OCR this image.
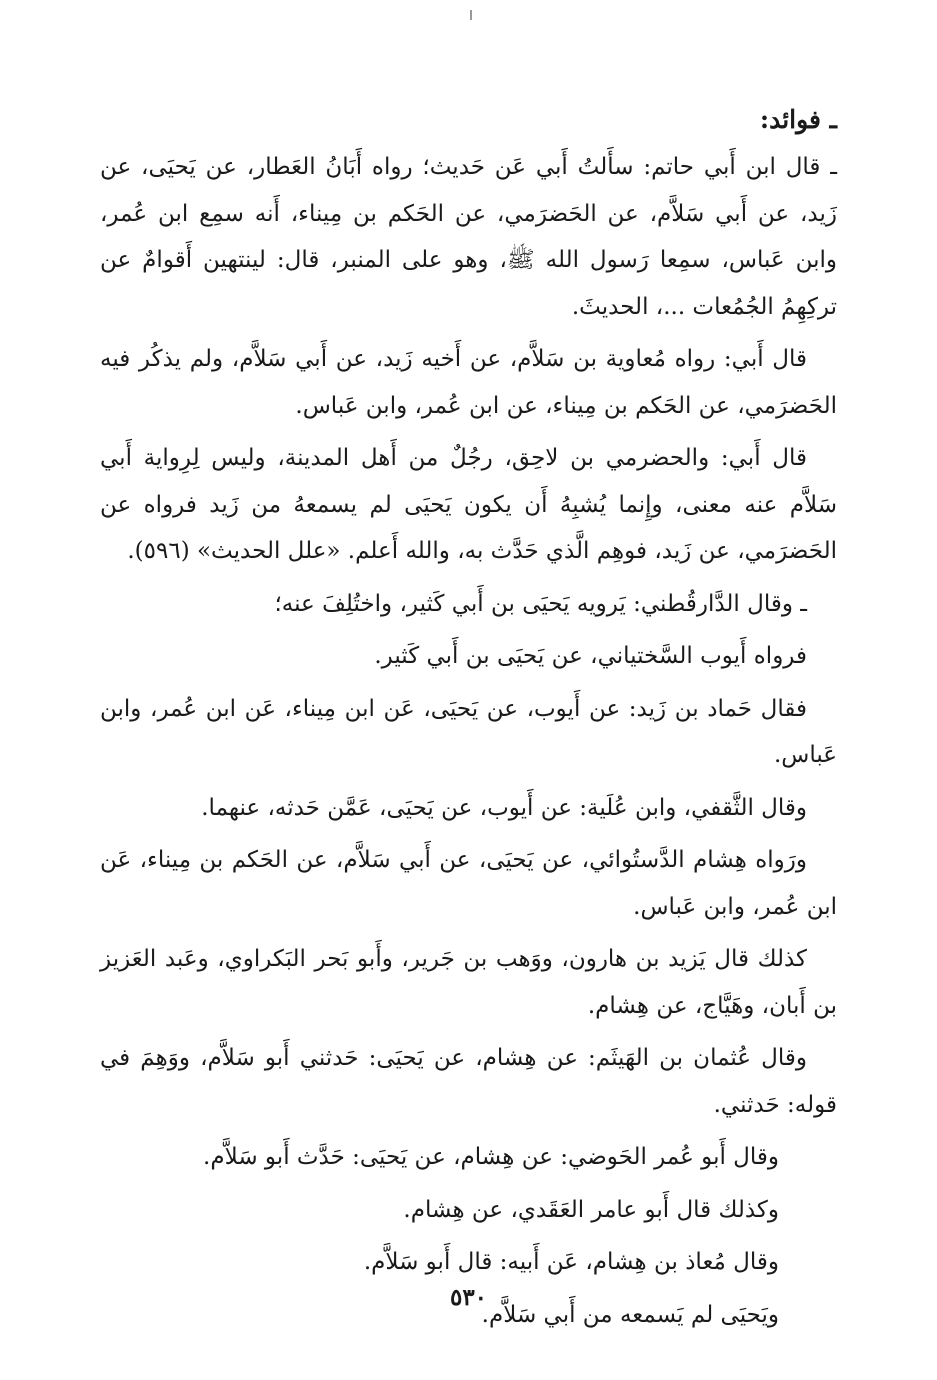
ـ فوائد:

ـ قال ابن أَبي حاتم: سأَلتُ أَبي عَن حَديث؛ رواه أَبَانُ العَطار، عن يَحيَى، عن زَيد، عن أَبي سَلاَّم، عن الحَضرَمي، عن الحَكم بن مِيناء، أَنه سمِع ابن عُمر، وابن عَباس، سمِعا رَسول الله ﷺ، وهو على المنبر، قال: لينتهين أَقوامٌ عن تركِهِمُ الجُمُعات ...، الحديثَ.

قال أَبي: رواه مُعاوية بن سَلاَّم، عن أَخيه زَيد، عن أَبي سَلاَّم، ولم يذكُر فيه الحَضرَمي، عن الحَكم بن مِيناء، عن ابن عُمر، وابن عَباس.

قال أَبي: والحضرمي بن لاحِق، رجُلٌ من أَهل المدينة، وليس لِرِواية أَبي سَلاَّم عنه معنى، وإِنما يُشبِهُ أَن يكون يَحيَى لم يسمعهُ من زَيد فرواه عن الحَضرَمي، عن زَيد، فوهِم الَّذي حَدَّث به، والله أَعلم. «علل الحديث» (٥٩٦).

ـ وقال الدَّارقُطني: يَرويه يَحيَى بن أَبي كَثير، واختُلِفَ عنه؛

فرواه أَيوب السَّختياني، عن يَحيَى بن أَبي كَثير.

فقال حَماد بن زَيد: عن أَيوب، عن يَحيَى، عَن ابن مِيناء، عَن ابن عُمر، وابن عَباس.

وقال الثَّقفي، وابن عُلَية: عن أَيوب، عن يَحيَى، عَمَّن حَدثه، عنهما.

ورَواه هِشام الدَّستُوائي، عن يَحيَى، عن أَبي سَلاَّم، عن الحَكم بن مِيناء، عَن ابن عُمر، وابن عَباس.

كذلك قال يَزيد بن هارون، ووَهب بن جَرير، وأَبو بَحر البَكراوي، وعَبد العَزيز بن أَبان، وهَيَّاج، عن هِشام.

وقال عُثمان بن الهَيثَم: عن هِشام، عن يَحيَى: حَدثني أَبو سَلاَّم، ووَهِمَ في قوله: حَدثني.

وقال أَبو عُمر الحَوضي: عن هِشام، عن يَحيَى: حَدَّث أَبو سَلاَّم.

وكذلك قال أَبو عامر العَقَدي، عن هِشام.

وقال مُعاذ بن هِشام، عَن أَبيه: قال أَبو سَلاَّم.

ويَحيَى لم يَسمعه من أَبي سَلاَّم.

٥٣٠
